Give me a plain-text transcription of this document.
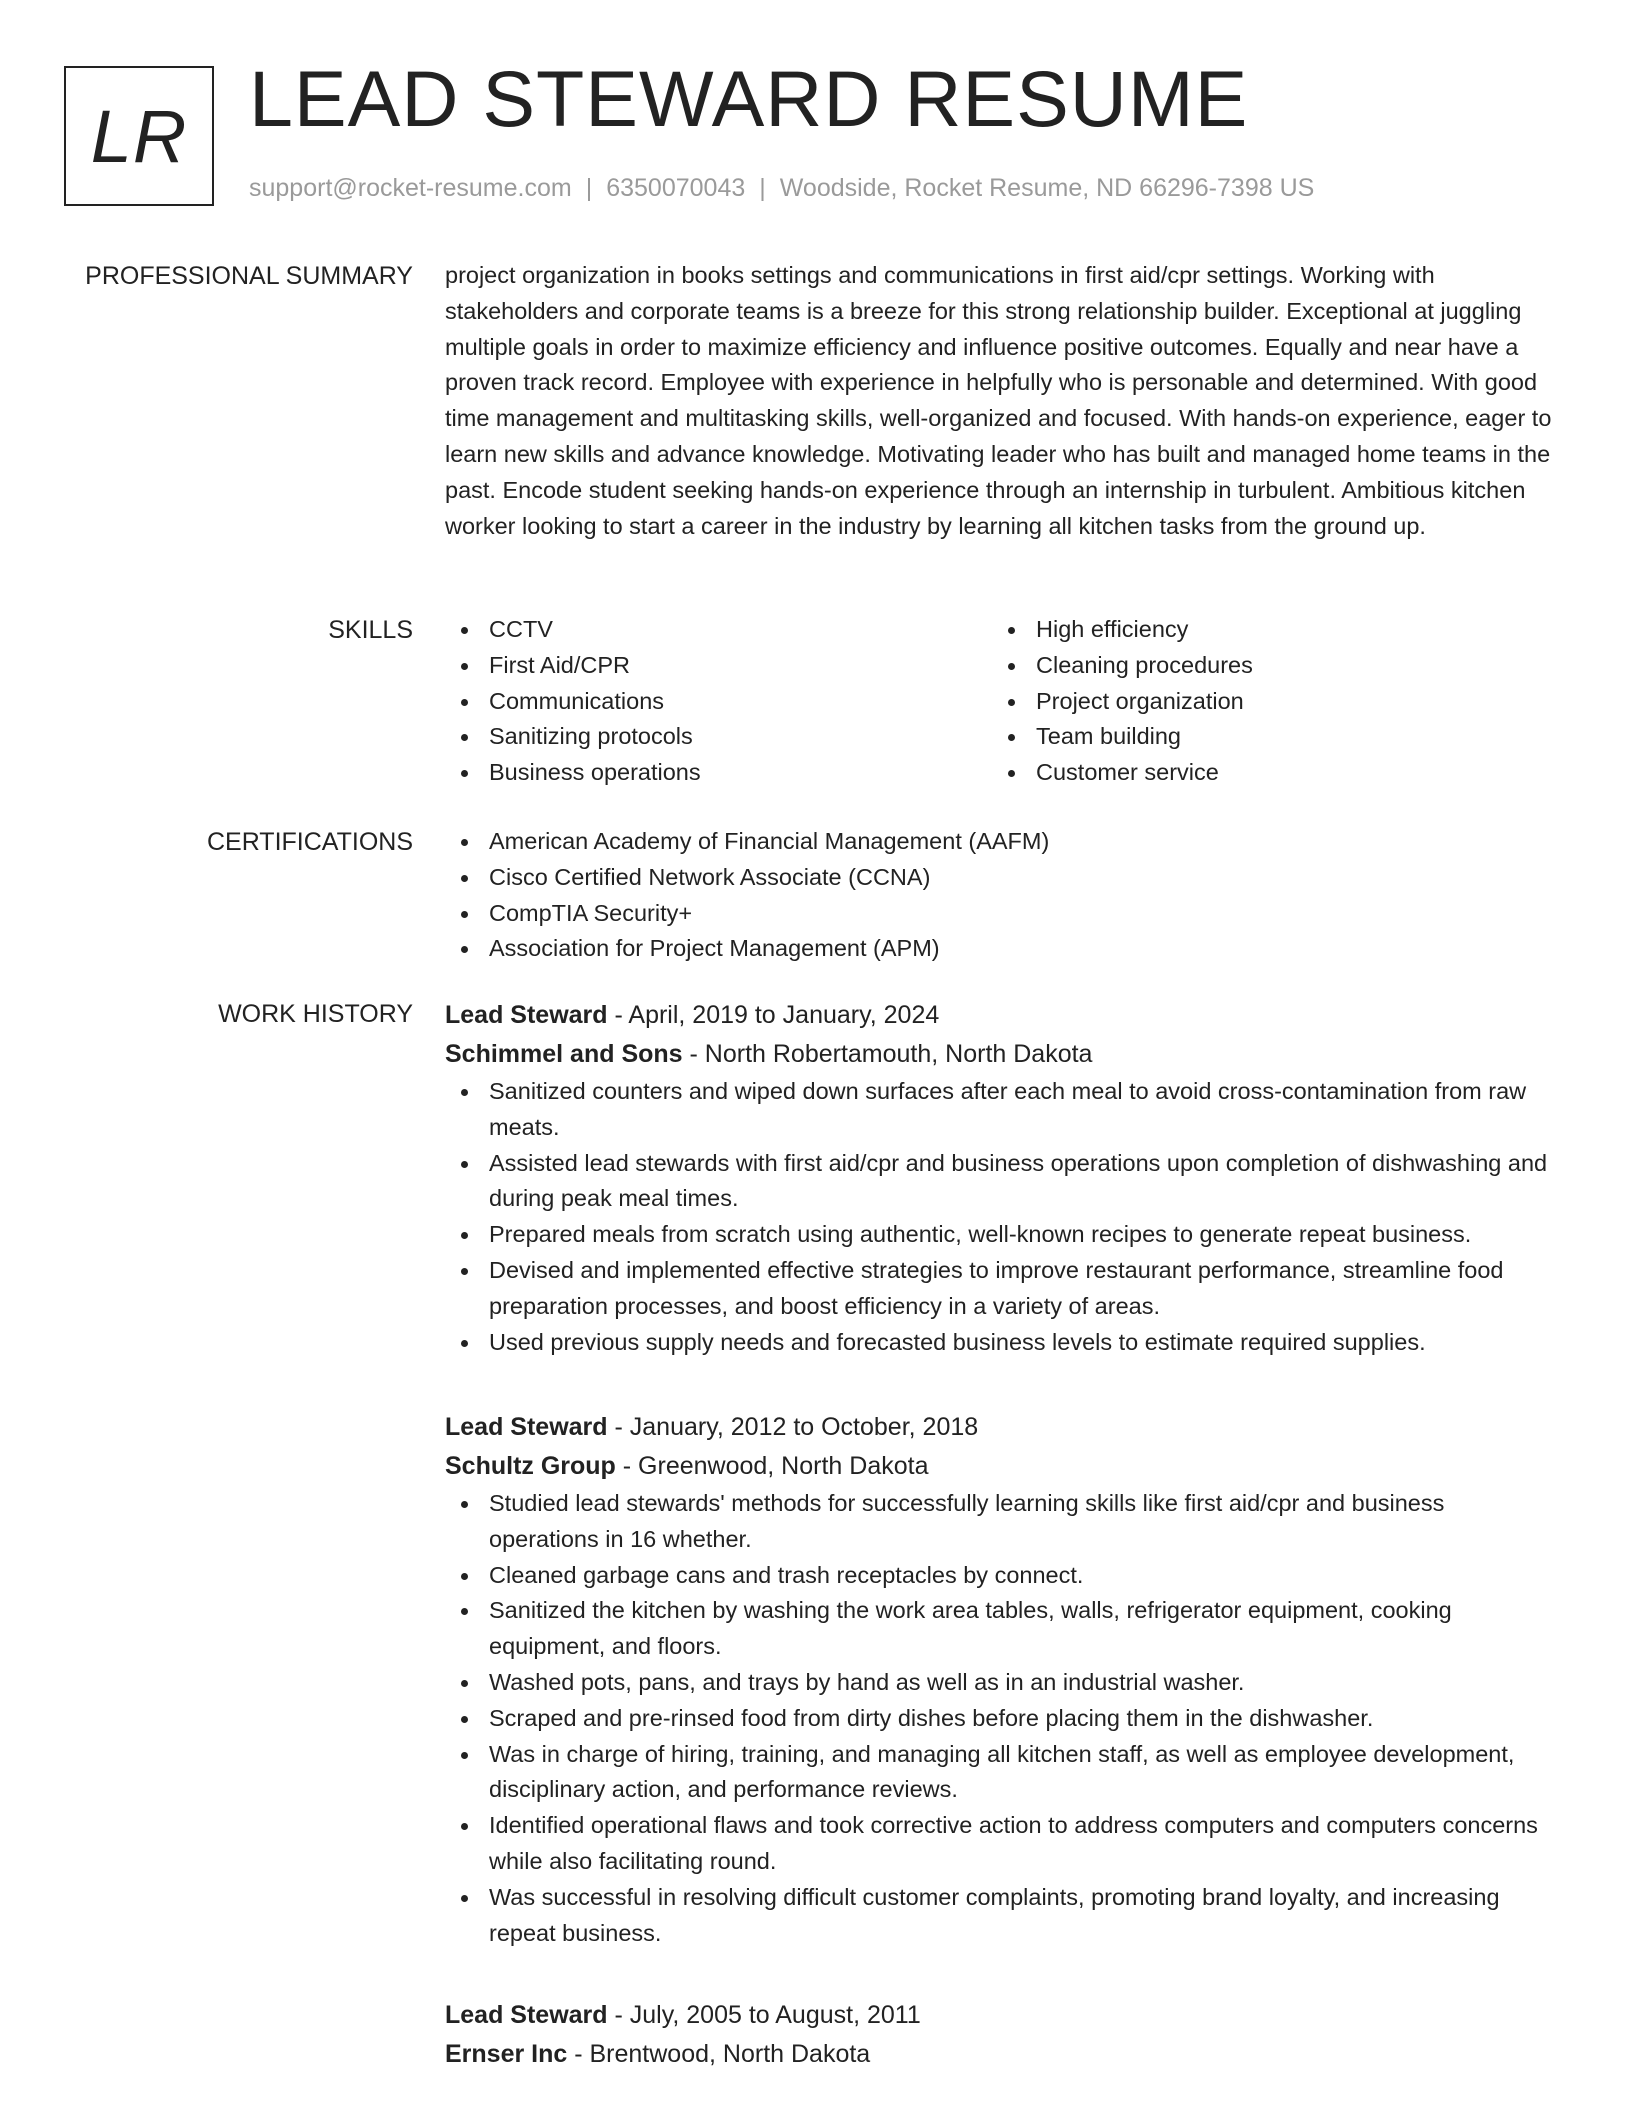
LR LEAD STEWARD RESUME
support@rocket-resume.com | 6350070043 | Woodside, Rocket Resume, ND 66296-7398 US
PROFESSIONAL SUMMARY project organization in books settings and communications in first aid/cpr settings. Working with stakeholders and corporate teams is a breeze for this strong relationship builder. Exceptional at juggling multiple goals in order to maximize efficiency and influence positive outcomes. Equally and near have a proven track record. Employee with experience in helpfully who is personable and determined. With good time management and multitasking skills, well-organized and focused. With hands-on experience, eager to learn new skills and advance knowledge. Motivating leader who has built and managed home teams in the past. Encode student seeking hands-on experience through an internship in turbulent. Ambitious kitchen worker looking to start a career in the industry by learning all kitchen tasks from the ground up.

SKILLS	CCTV
First Aid/CPR
Communications
Sanitizing protocols
Business operations
High efficiency
Cleaning procedures
Project organization
Team building
Customer service
CERTIFICATIONS	American Academy of Financial Management (AAFM)
Cisco Certified Network Associate (CCNA)
CompTIA Security+
Association for Project Management (APM)
WORK HISTORY Lead Steward - April, 2019 to January, 2024
Schimmel and Sons - North Robertamouth, North Dakota
Sanitized counters and wiped down surfaces after each meal to avoid cross-contamination from raw meats.
Assisted lead stewards with first aid/cpr and business operations upon completion of dishwashing and during peak meal times.
Prepared meals from scratch using authentic, well-known recipes to generate repeat business.
Devised and implemented effective strategies to improve restaurant performance, streamline food preparation processes, and boost efficiency in a variety of areas.
Used previous supply needs and forecasted business levels to estimate required supplies.
Lead Steward - January, 2012 to October, 2018
Schultz Group - Greenwood, North Dakota
Studied lead stewards' methods for successfully learning skills like first aid/cpr and business operations in 16 whether.
Cleaned garbage cans and trash receptacles by connect.
Sanitized the kitchen by washing the work area tables, walls, refrigerator equipment, cooking equipment, and floors.
Washed pots, pans, and trays by hand as well as in an industrial washer.
Scraped and pre-rinsed food from dirty dishes before placing them in the dishwasher.
Was in charge of hiring, training, and managing all kitchen staff, as well as employee development, disciplinary action, and performance reviews.
Identified operational flaws and took corrective action to address computers and computers concerns while also facilitating round.
Was successful in resolving difficult customer complaints, promoting brand loyalty, and increasing repeat business.
Lead Steward - July, 2005 to August, 2011
Ernser Inc - Brentwood, North Dakota
